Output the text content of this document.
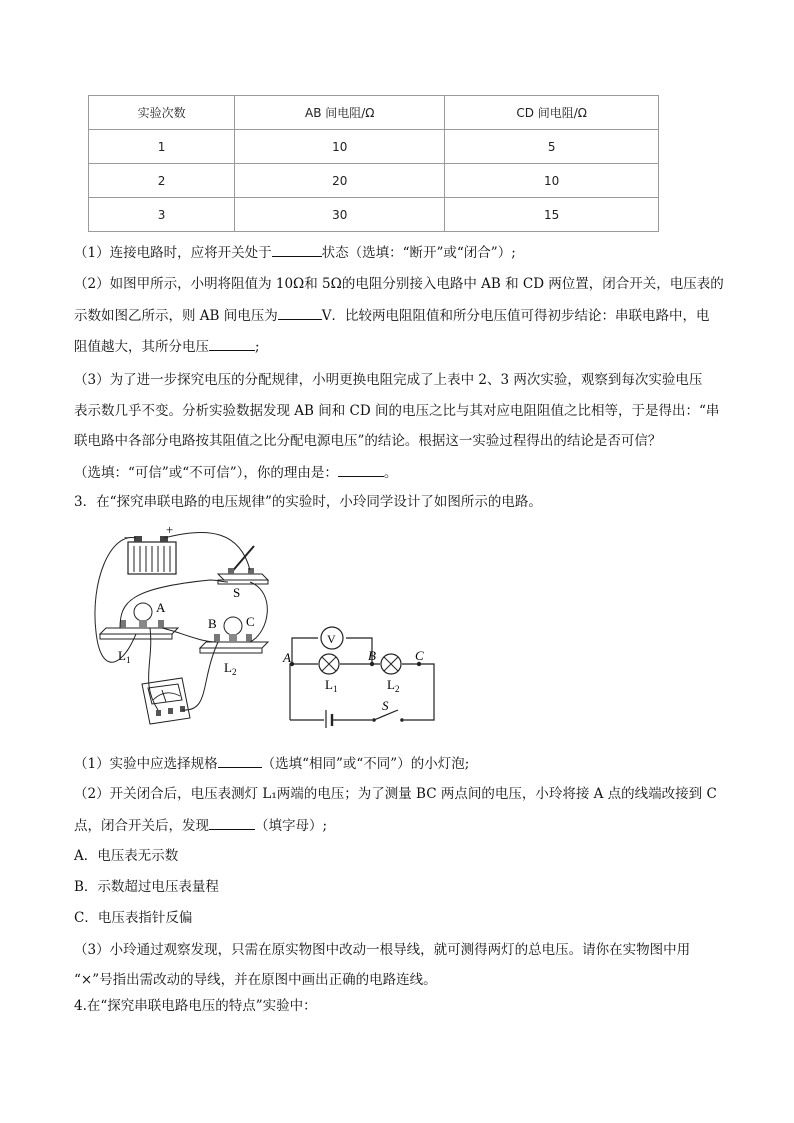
实验次数	AB 间电阻/Ω	CD 间电阻/Ω
1	10	5
2	20	10
3	30	15
（1）连接电路时，应将开关处于	状态（选填：“断开”或“闭合”）;
（2）如图甲所示，小明将阻值为 10Ω和 5Ω的电阻分别接入电路中 AB 和 CD 两位置，闭合开关，电压表的
示数如图乙所示，则 AB 间电压为	V．比较两电阻阻值和所分电压值可得初步结论：串联电路中，电
阻值越大，其所分电压	;
（3）为了进一步探究电压的分配规律，小明更换电阻完成了上表中 2、3 两次实验，观察到每次实验电压
表示数几乎不变。分析实验数据发现 AB 间和 CD 间的电压之比与其对应电阻阻值之比相等，于是得出：“串
联电路中各部分电路按其阻值之比分配电源电压”的结论。根据这一实验过程得出的结论是否可信？
（选填：“可信”或“不可信”），你的理由是：	。
3．在“探究串联电路的电压规律”的实验时，小玲同学设计了如图所示的电路。
−
+
S
A
$L_1$
B C
$L_2$
V
A	B	C
$L_1$	$L_2$
S
（1）实验中应选择规格	（选填“相同”或“不同”）的小灯泡;
（2）开关闭合后，电压表测灯 L₁两端的电压；为了测量 BC 两点间的电压，小玲将接 A 点的线端改接到 C
点，闭合开关后，发现	（填字母）;
A．电压表无示数
B．示数超过电压表量程
C．电压表指针反偏
（3）小玲通过观察发现，只需在原实物图中改动一根导线，就可测得两灯的总电压。请你在实物图中用
“×”号指出需改动的导线，并在原图中画出正确的电路连线。
4.在“探究串联电路电压的特点”实验中：
